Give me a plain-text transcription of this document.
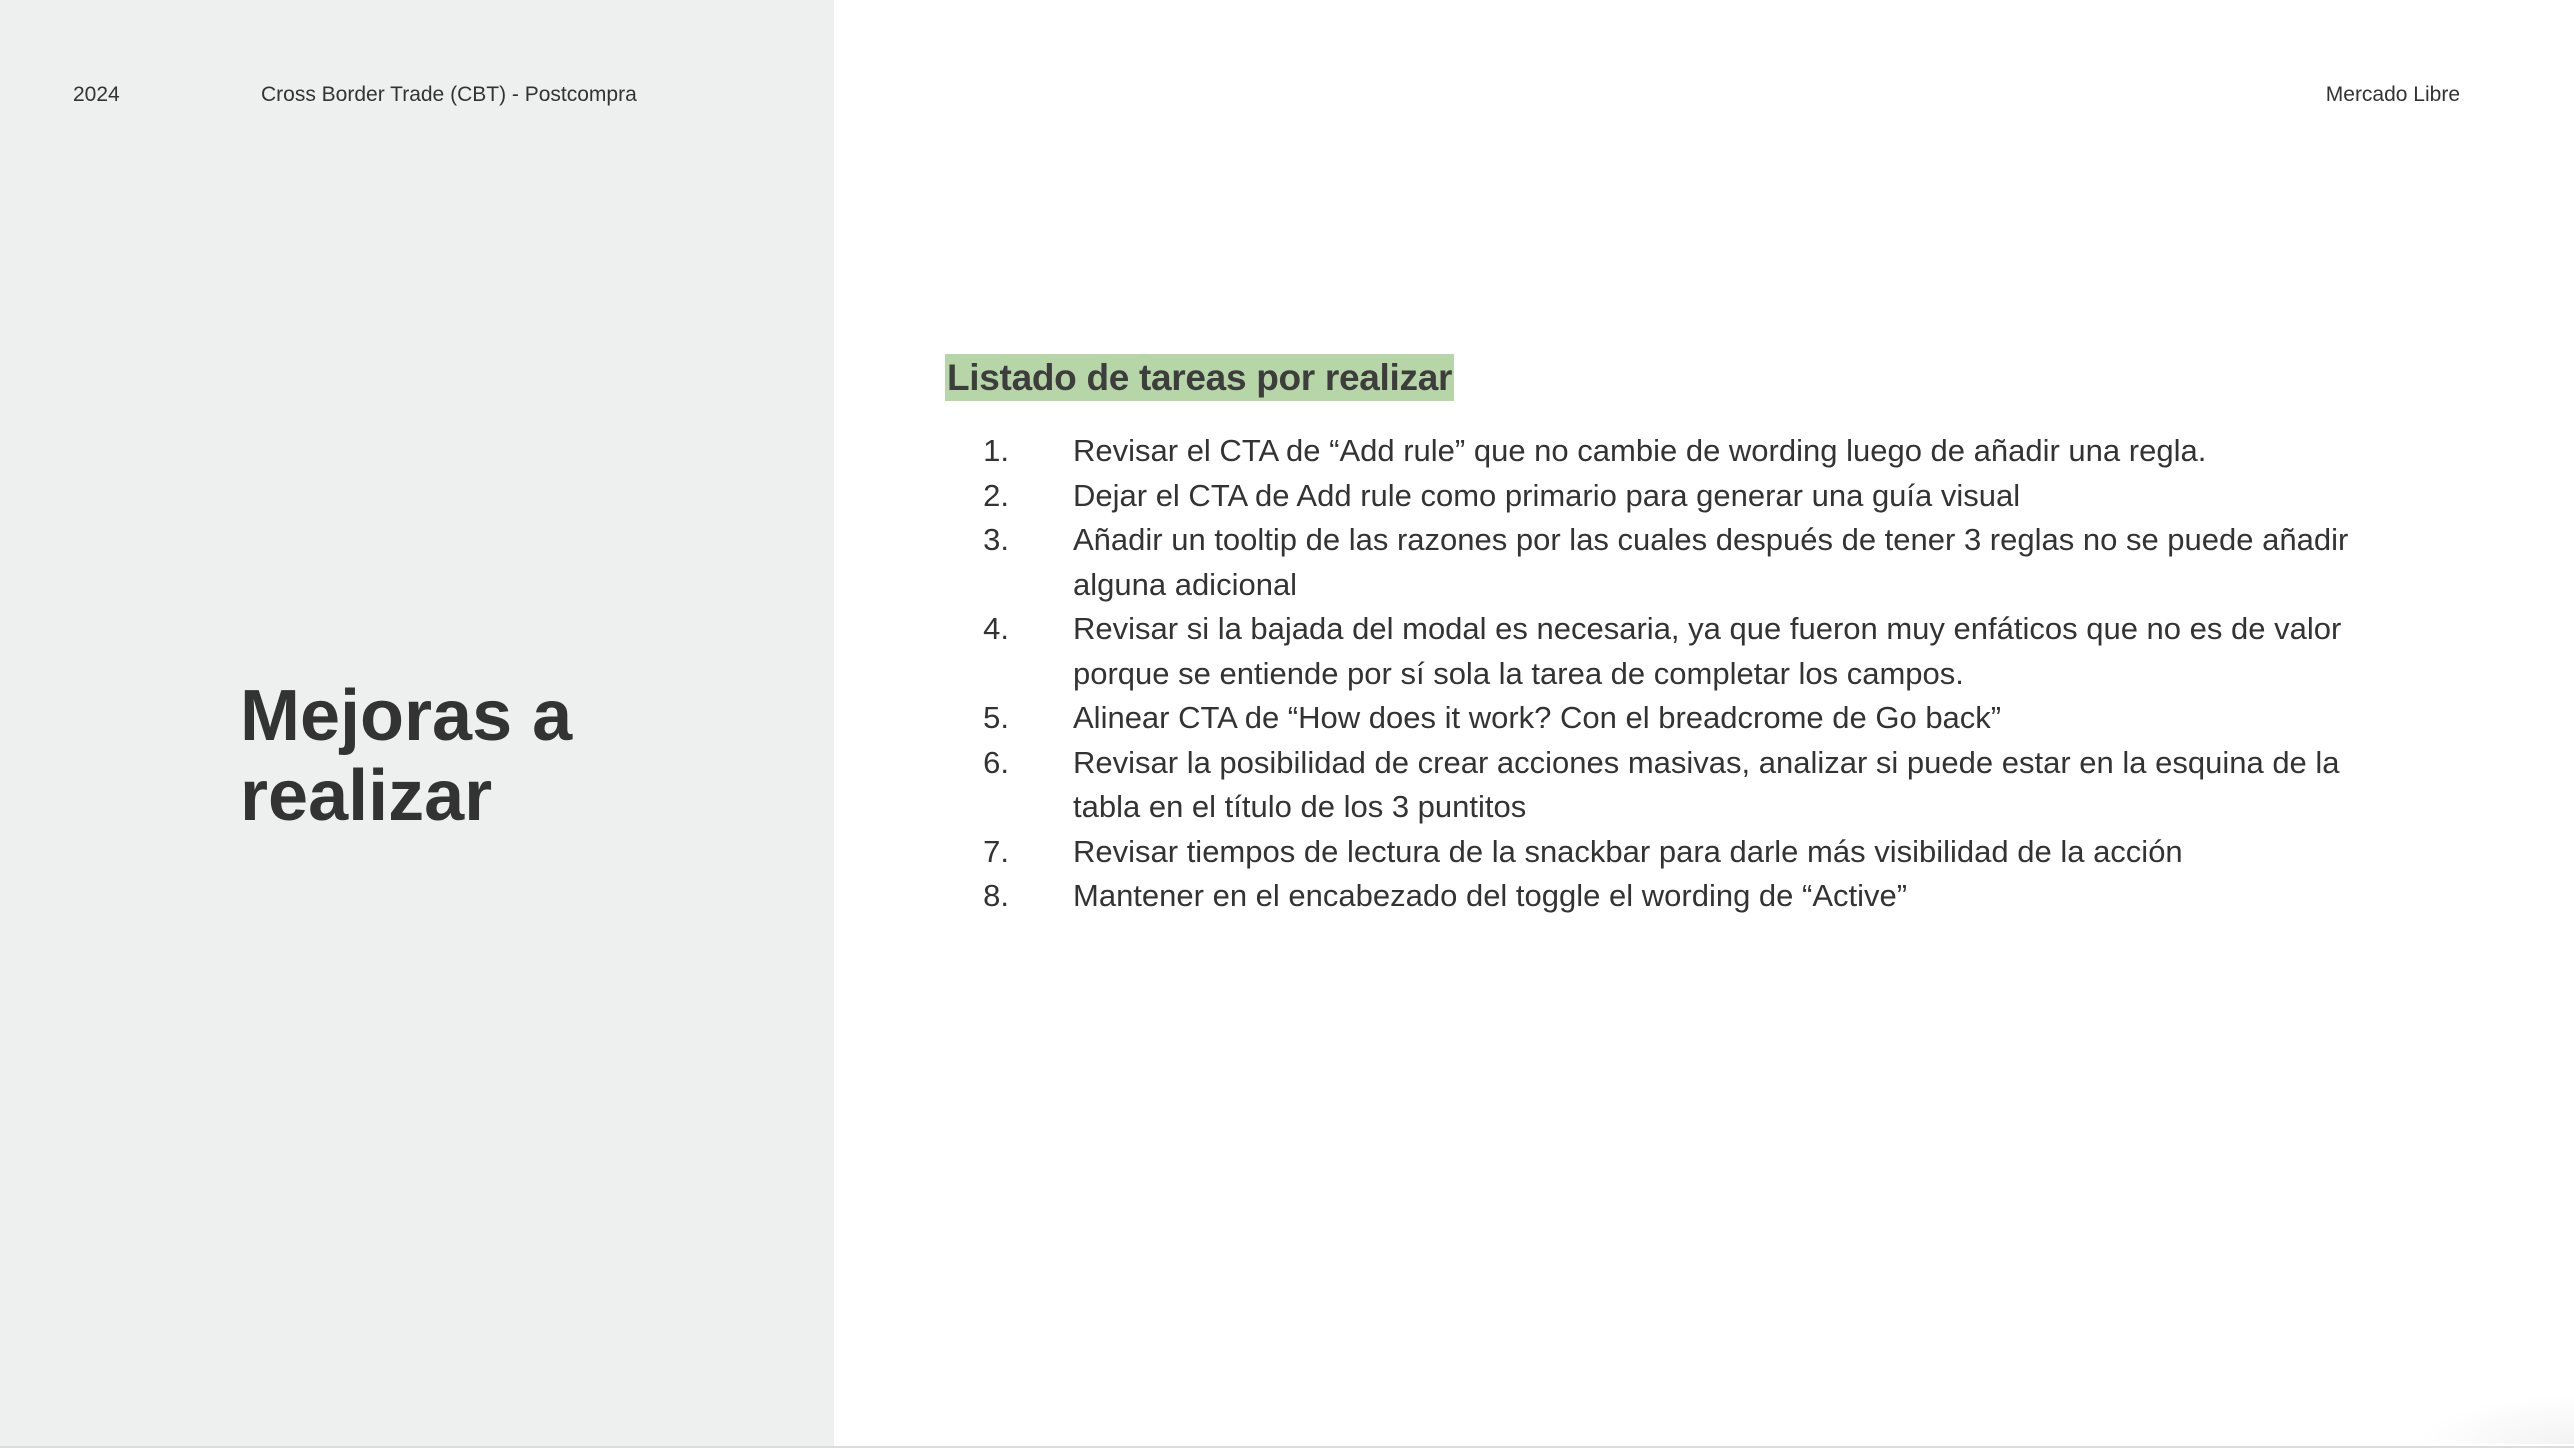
2024	Cross Border Trade (CBT) - Postcompra	Mercado Libre
Mejoras a realizar
Listado de tareas por realizar
1. Revisar el CTA de “Add rule” que no cambie de wording luego de añadir una regla.
2. Dejar el CTA de Add rule como primario para generar una guía visual
3. Añadir un tooltip de las razones por las cuales después de tener 3 reglas no se puede añadir alguna adicional
4. Revisar si la bajada del modal es necesaria, ya que fueron muy enfáticos que no es de valor porque se entiende por sí sola la tarea de completar los campos.
5. Alinear CTA de “How does it work? Con el breadcrome de Go back”
6. Revisar la posibilidad de crear acciones masivas, analizar si puede estar en la esquina de la tabla en el título de los 3 puntitos
7. Revisar tiempos de lectura de la snackbar para darle más visibilidad de la acción
8. Mantener en el encabezado del toggle el wording de “Active”
